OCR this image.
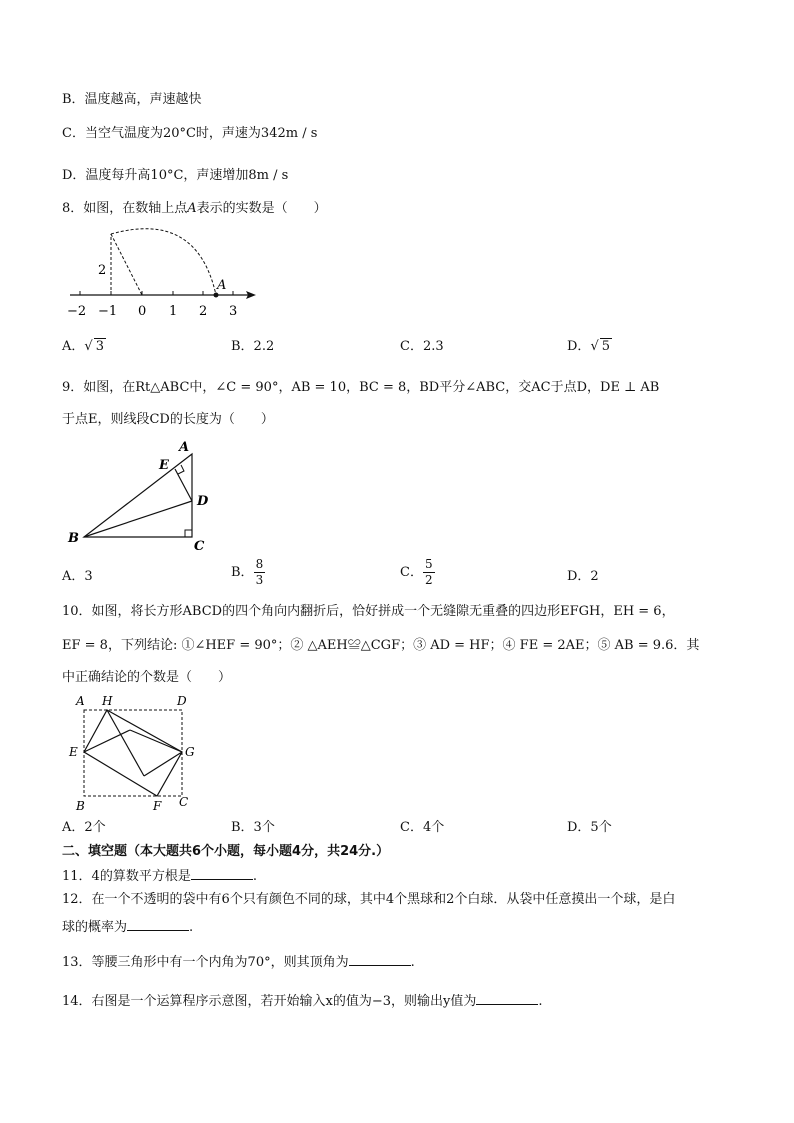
B．温度越高，声速越快
C．当空气温度为20°C时，声速为342m / s
D．温度每升高10°C，声速增加8m / s
8．如图，在数轴上点A表示的实数是（　　）
A
2
−2 −1 0 1 2 3
A．√ 3	B．2.2	C．2.3	D．√ 5
9．如图，在Rt△ABC中，∠C = 90°，AB = 10，BC = 8，BD平分∠ABC，交AC于点D，DE ⊥ AB
于点E，则线段CD的长度为（　　）
A
E
D
B
C
A．3	B． $\frac{8}{3}$	C． $\frac{5}{2}$	D．2
10．如图，将长方形ABCD的四个角向内翻折后，恰好拼成一个无缝隙无重叠的四边形EFGH，EH = 6，
EF = 8，下列结论: ①∠HEF = 90°；② △AEH≌△CGF；③ AD = HF；④ FE = 2AE；⑤ AB = 9.6．其
中正确结论的个数是（　　）
A H	D
E	G
B	F C
A．2个	B．3个	C．4个	D．5个
二、填空题（本大题共6个小题，每小题4分，共24分.）
11．4的算数平方根是	.
12．在一个不透明的袋中有6个只有颜色不同的球，其中4个黑球和2个白球．从袋中任意摸出一个球，是白
球的概率为	.
13．等腰三角形中有一个内角为70°，则其顶角为	.
14．右图是一个运算程序示意图，若开始输入x的值为−3，则输出y值为	.
